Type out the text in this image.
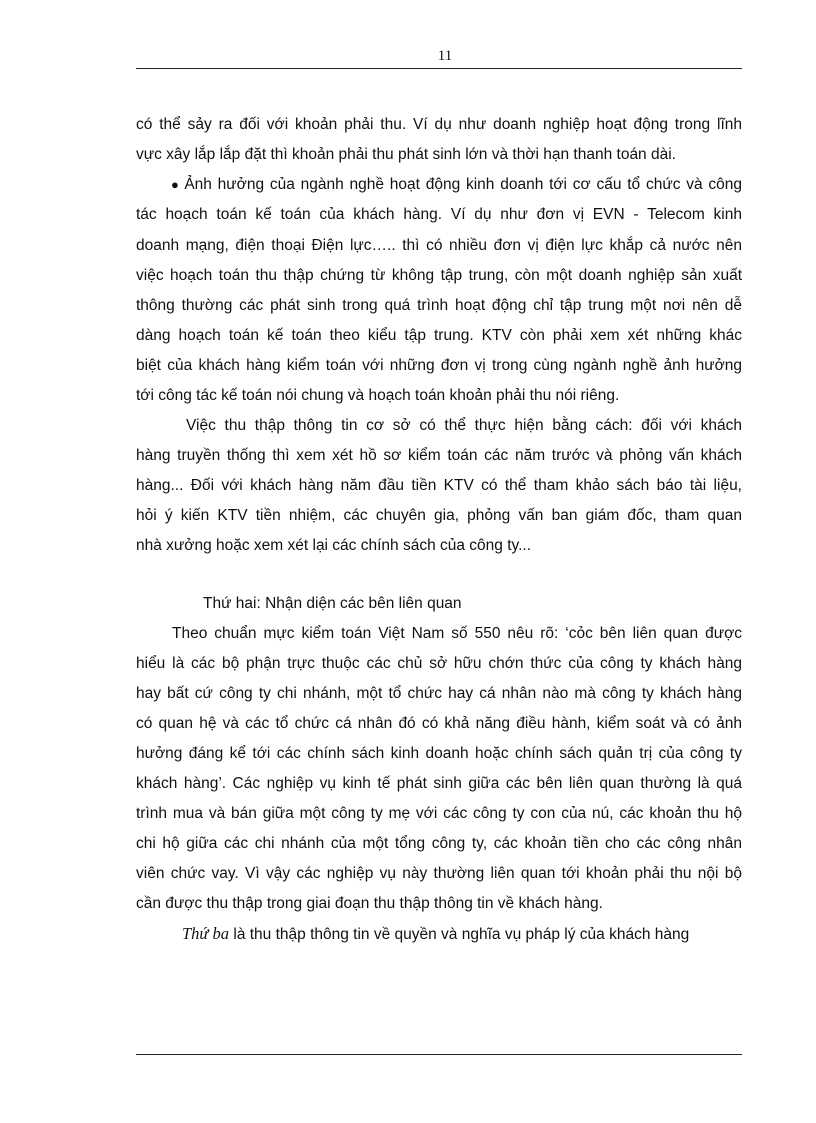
11
có thể sảy ra đối với khoản phải thu. Ví dụ như doanh nghiệp hoạt động trong lĩnh
vực xây lắp lắp đặt thì khoản phải thu phát sinh lớn và thời hạn thanh toán dài.
● Ảnh hưởng của ngành nghề hoạt động kinh doanh tới cơ cấu tổ chức và công
tác hoạch toán kế toán của khách hàng. Ví dụ như đơn vị EVN - Telecom kinh
doanh mạng, điện thoại Điện lực….. thì có nhiều đơn vị điện lực khắp cả nước nên
việc hoạch toán thu thập chứng từ không tập trung, còn một doanh nghiệp sản xuất
thông thường các phát sinh trong quá trình hoạt động chỉ tập trung một nơi nên dễ
dàng hoạch toán kế toán theo kiểu tập trung. KTV còn phải xem xét những khác
biệt của khách hàng kiểm toán với những đơn vị trong cùng ngành nghề ảnh hưởng
tới công tác kế toán nói chung và hoạch toán khoản phải thu nói riêng.
Việc thu thập thông tin cơ sở có thể thực hiện bằng cách: đối với khách
hàng truyền thống thì xem xét hồ sơ kiểm toán các năm trước và phỏng vấn khách
hàng... Đối với khách hàng năm đầu tiền KTV có thể tham khảo sách báo tài liệu,
hỏi ý kiến KTV tiền nhiệm, các chuyên gia, phỏng vấn ban giám đốc, tham quan
nhà xưởng hoặc xem xét lại các chính sách của công ty...
Thứ hai: Nhận diện các bên liên quan
Theo chuẩn mực kiểm toán Việt Nam số 550 nêu rõ: ‘cỏc bên liên quan được
hiểu là các bộ phận trực thuộc các chủ sở hữu chớn thức của công ty khách hàng
hay bất cứ công ty chi nhánh, một tổ chức hay cá nhân nào mà công ty khách hàng
có quan hệ và các tổ chức cá nhân đó có khả năng điều hành, kiểm soát và có ảnh
hưởng đáng kể tới các chính sách kinh doanh hoặc chính sách quản trị của công ty
khách hàng’. Các nghiệp vụ kinh tế phát sinh giữa các bên liên quan thường là quá
trình mua và bán giữa một công ty mẹ với các công ty con của nú, các khoản thu hộ
chi hộ giữa các chi nhánh của một tổng công ty, các khoản tiền cho các công nhân
viên chức vay. Vì vậy các nghiệp vụ này thường liên quan tới khoản phải thu nội bộ
cần được thu thập trong giai đoạn thu thập thông tin về khách hàng.
Thứ ba là thu thập thông tin về quyền và nghĩa vụ pháp lý của khách hàng
